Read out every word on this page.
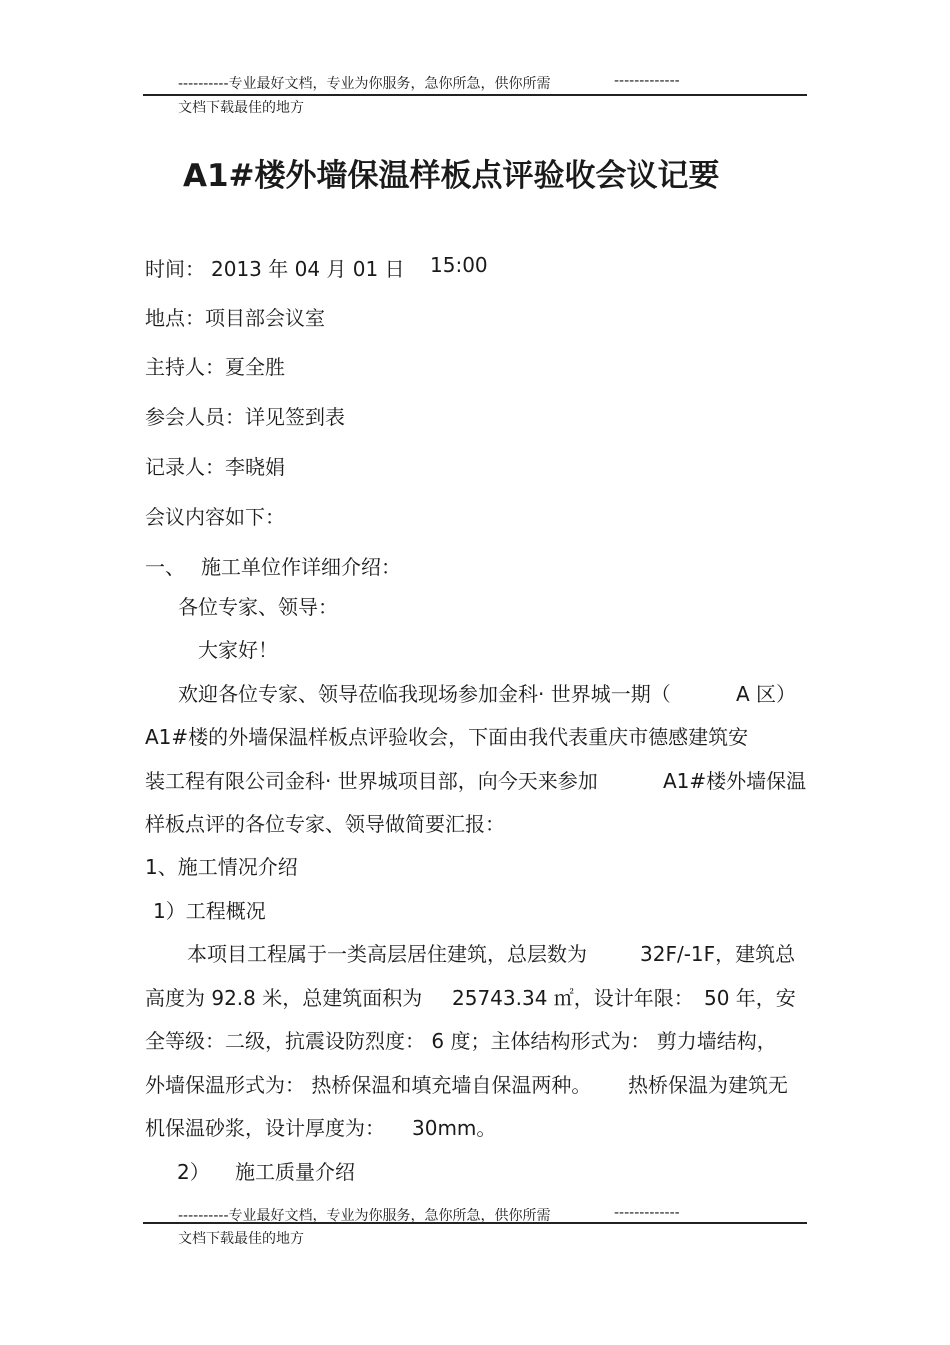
----------专业最好文档，专业为你服务，急你所急，供你所需	-------------
文档下载最佳的地方
A1#楼外墙保温样板点评验收会议记要
时间： 2013 年 04 月 01 日 15:00
地点：项目部会议室
主持人：夏全胜
参会人员：详见签到表
记录人：李晓娟
会议内容如下：
一、 施工单位作详细介绍：
各位专家、领导：
大家好！
欢迎各位专家、领导莅临我现场参加金科· 世界城一期（	A 区）
A1#楼的外墙保温样板点评验收会，下面由我代表重庆市德感建筑安
装工程有限公司金科· 世界城项目部，向今天来参加	A1#楼外墙保温
样板点评的各位专家、领导做简要汇报：
1、施工情况介绍
1）工程概况
本项目工程属于一类高层居住建筑，总层数为	32F/-1F，建筑总
高度为 92.8 米，总建筑面积为 25743.34 ㎡，设计年限： 50 年，安
全等级：二级，抗震设防烈度： 6 度；主体结构形式为： 剪力墙结构，
外墙保温形式为： 热桥保温和填充墙自保温两种。 热桥保温为建筑无
机保温砂浆，设计厚度为： 30mm。
2） 施工质量介绍
----------专业最好文档，专业为你服务，急你所急，供你所需	-------------
文档下载最佳的地方
